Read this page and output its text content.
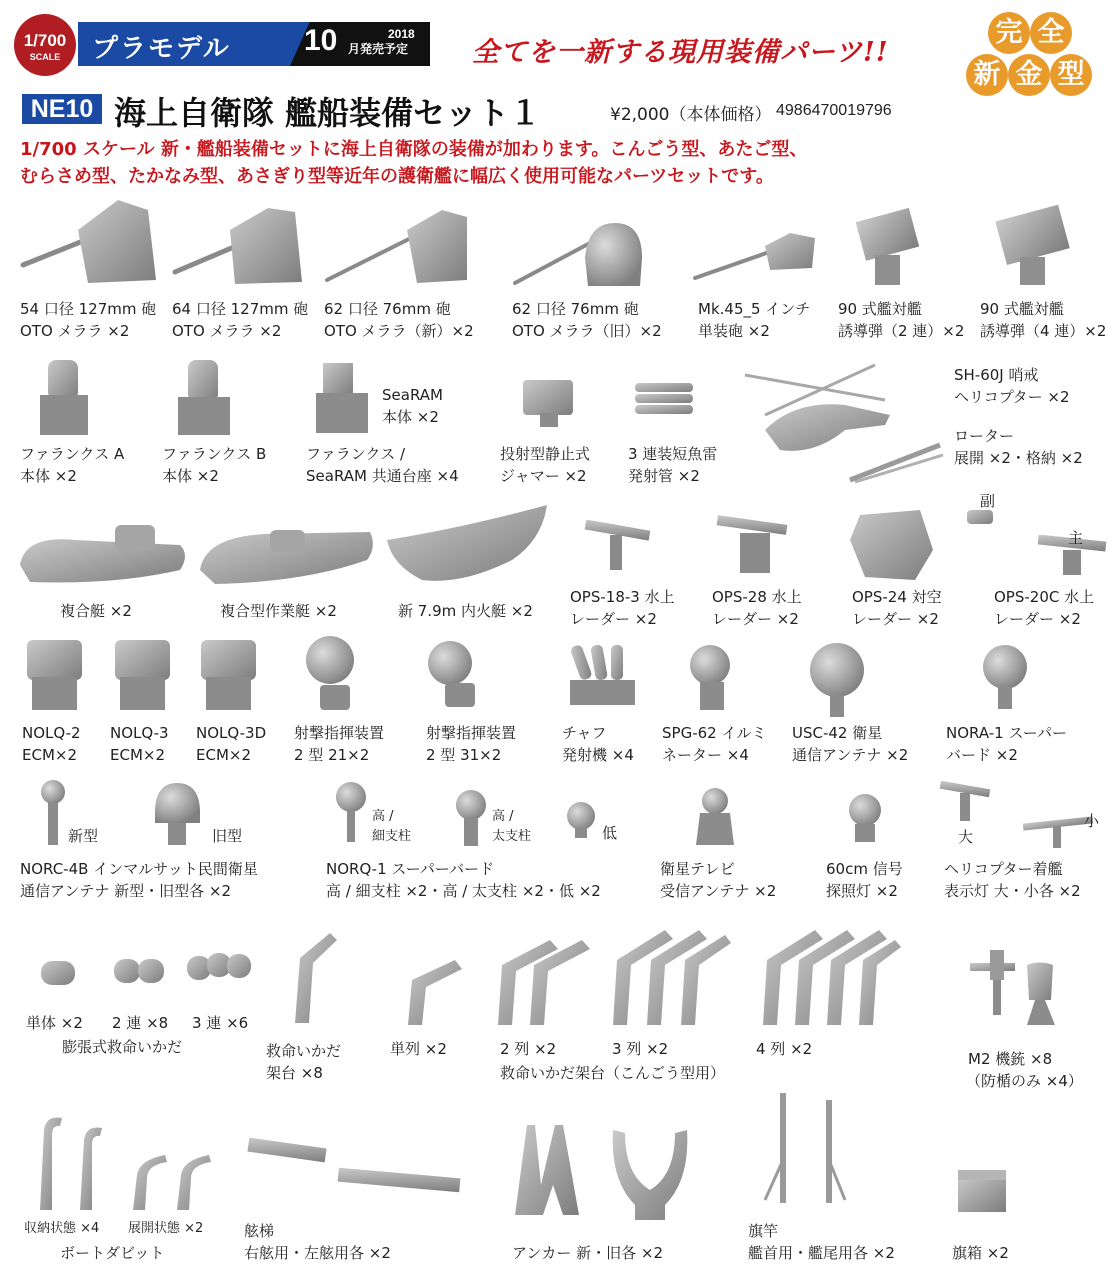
1/700
SCALE	プラモデル 10 月発売予定
2018
全てを一新する現用装備パーツ!!
完 全
新 金 型
NE10 海上自衛隊 艦船装備セット１	¥2,000（本体価格） 4986470019796
1/700 スケール 新・艦船装備セットに海上自衛隊の装備が加わります。こんごう型、あたご型、
むらさめ型、たかなみ型、あさぎり型等近年の護衛艦に幅広く使用可能なパーツセットです。
54 口径 127mm 砲
OTO メララ ×2
64 口径 127mm 砲
OTO メララ ×2
62 口径 76mm 砲
OTO メララ（新）×2
62 口径 76mm 砲
OTO メララ（旧）×2
Mk.45_5 インチ
単装砲 ×2
90 式艦対艦
誘導弾（2 連）×2
90 式艦対艦
誘導弾（4 連）×2
SeaRAM
本体 ×2
SH-60J 哨戒
ヘリコプター ×2
ローター
展開 ×2・格納 ×2
ファランクス A
本体 ×2
ファランクス B
本体 ×2
ファランクス /
SeaRAM 共通台座 ×4
投射型静止式
ジャマー ×2
3 連装短魚雷
発射管 ×2
副
主
複合艇 ×2	複合型作業艇 ×2	新 7.9m 内火艇 ×2
OPS-18-3 水上
レーダー ×2
OPS-28 水上
レーダー ×2
OPS-24 対空
レーダー ×2
OPS-20C 水上
レーダー ×2
NOLQ-2
ECM×2
NOLQ-3
ECM×2
NOLQ-3D
ECM×2
射撃指揮装置
2 型 21×2
射撃指揮装置
2 型 31×2
チャフ
発射機 ×4
SPG-62 イルミ
ネーター ×4
USC-42 衛星
通信アンテナ ×2
NORA-1 スーパー
バード ×2
新型	旧型
高 /
細支柱
高 /
太支柱	低	大
小
NORC-4B インマルサット民間衛星
通信アンテナ 新型・旧型各 ×2
NORQ-1 スーパーバード
高 / 細支柱 ×2・高 / 太支柱 ×2・低 ×2
衛星テレビ
受信アンテナ ×2
60cm 信号
探照灯 ×2
ヘリコプター着艦
表示灯 大・小各 ×2
単体 ×2 2 連 ×8 3 連 ×6
膨張式救命いかだ	救命いかだ
架台 ×8
単列 ×2	2 列 ×2	3 列 ×2	4 列 ×2
救命いかだ架台（こんごう型用）
M2 機銃 ×8
（防楯のみ ×4）
収納状態 ×4 展開状態 ×2
ボートダビット
舷梯
右舷用・左舷用各 ×2	アンカー 新・旧各 ×2
旗竿
艦首用・艦尾用各 ×2	旗箱 ×2
